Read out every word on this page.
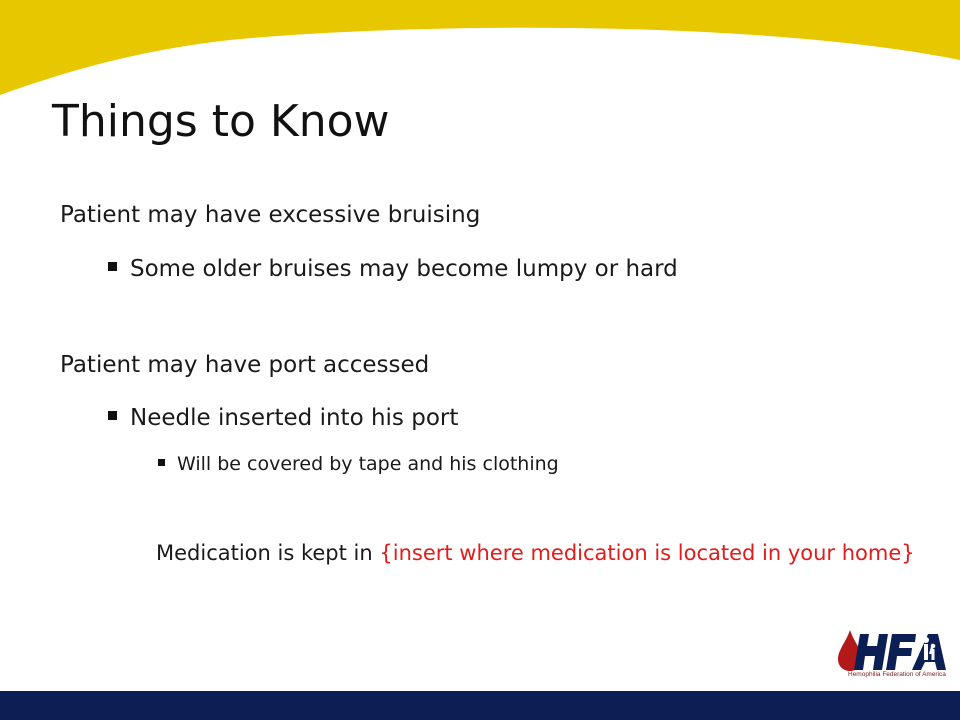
Things to Know
Patient may have excessive bruising
Some older bruises may become lumpy or hard
Patient may have port accessed
Needle inserted into his port
Will be covered by tape and his clothing
Medication is kept in {insert where medication is located in your home}
Hemophilia Federation of America
